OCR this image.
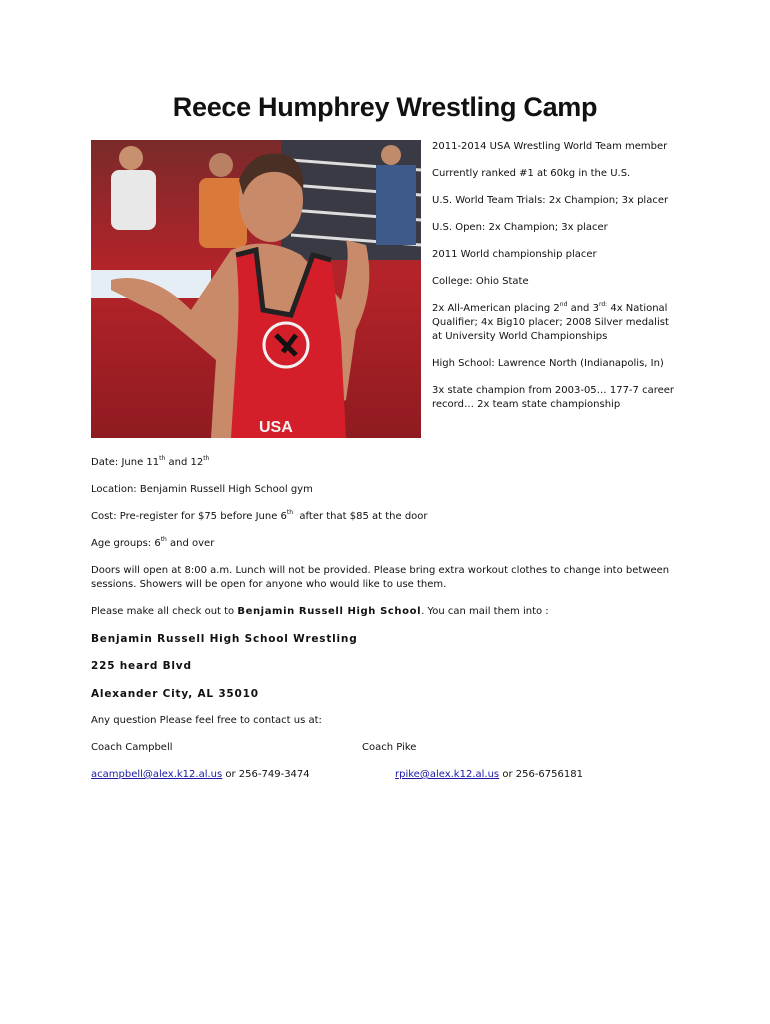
Reece Humphrey Wrestling Camp
USA

2011-2014 USA Wrestling World Team member

Currently ranked #1 at 60kg in the U.S.

U.S. World Team Trials: 2x Champion; 3x placer

U.S. Open: 2x Champion; 3x placer

2011 World championship placer

College: Ohio State

2x All-American placing 2nd and $3^{rd:}$ 4x National Qualifier; 4x Big10 placer; 2008 Silver medalist at University World Championships

High School: Lawrence North (Indianapolis, In)

3x state champion from 2003-05… 177-7 career record… 2x team state championship

Date: June 11th and 12th
Location: Benjamin Russell High School gym
Cost: Pre-register for $75 before June 6th  after that $85 at the door
Age groups: 6th and over
Doors will open at 8:00 a.m. Lunch will not be provided. Please bring extra workout clothes to change into between sessions. Showers will be open for anyone who would like to use them.
Please make all check out to Benjamin Russell High School. You can mail them into :
Benjamin Russell High School Wrestling
225 heard Blvd
Alexander City, AL 35010
Any question Please feel free to contact us at:
Coach Campbell	Coach Pike
acampbell@alex.k12.al.us or 256-749-3474	rpike@alex.k12.al.us or 256-6756181
